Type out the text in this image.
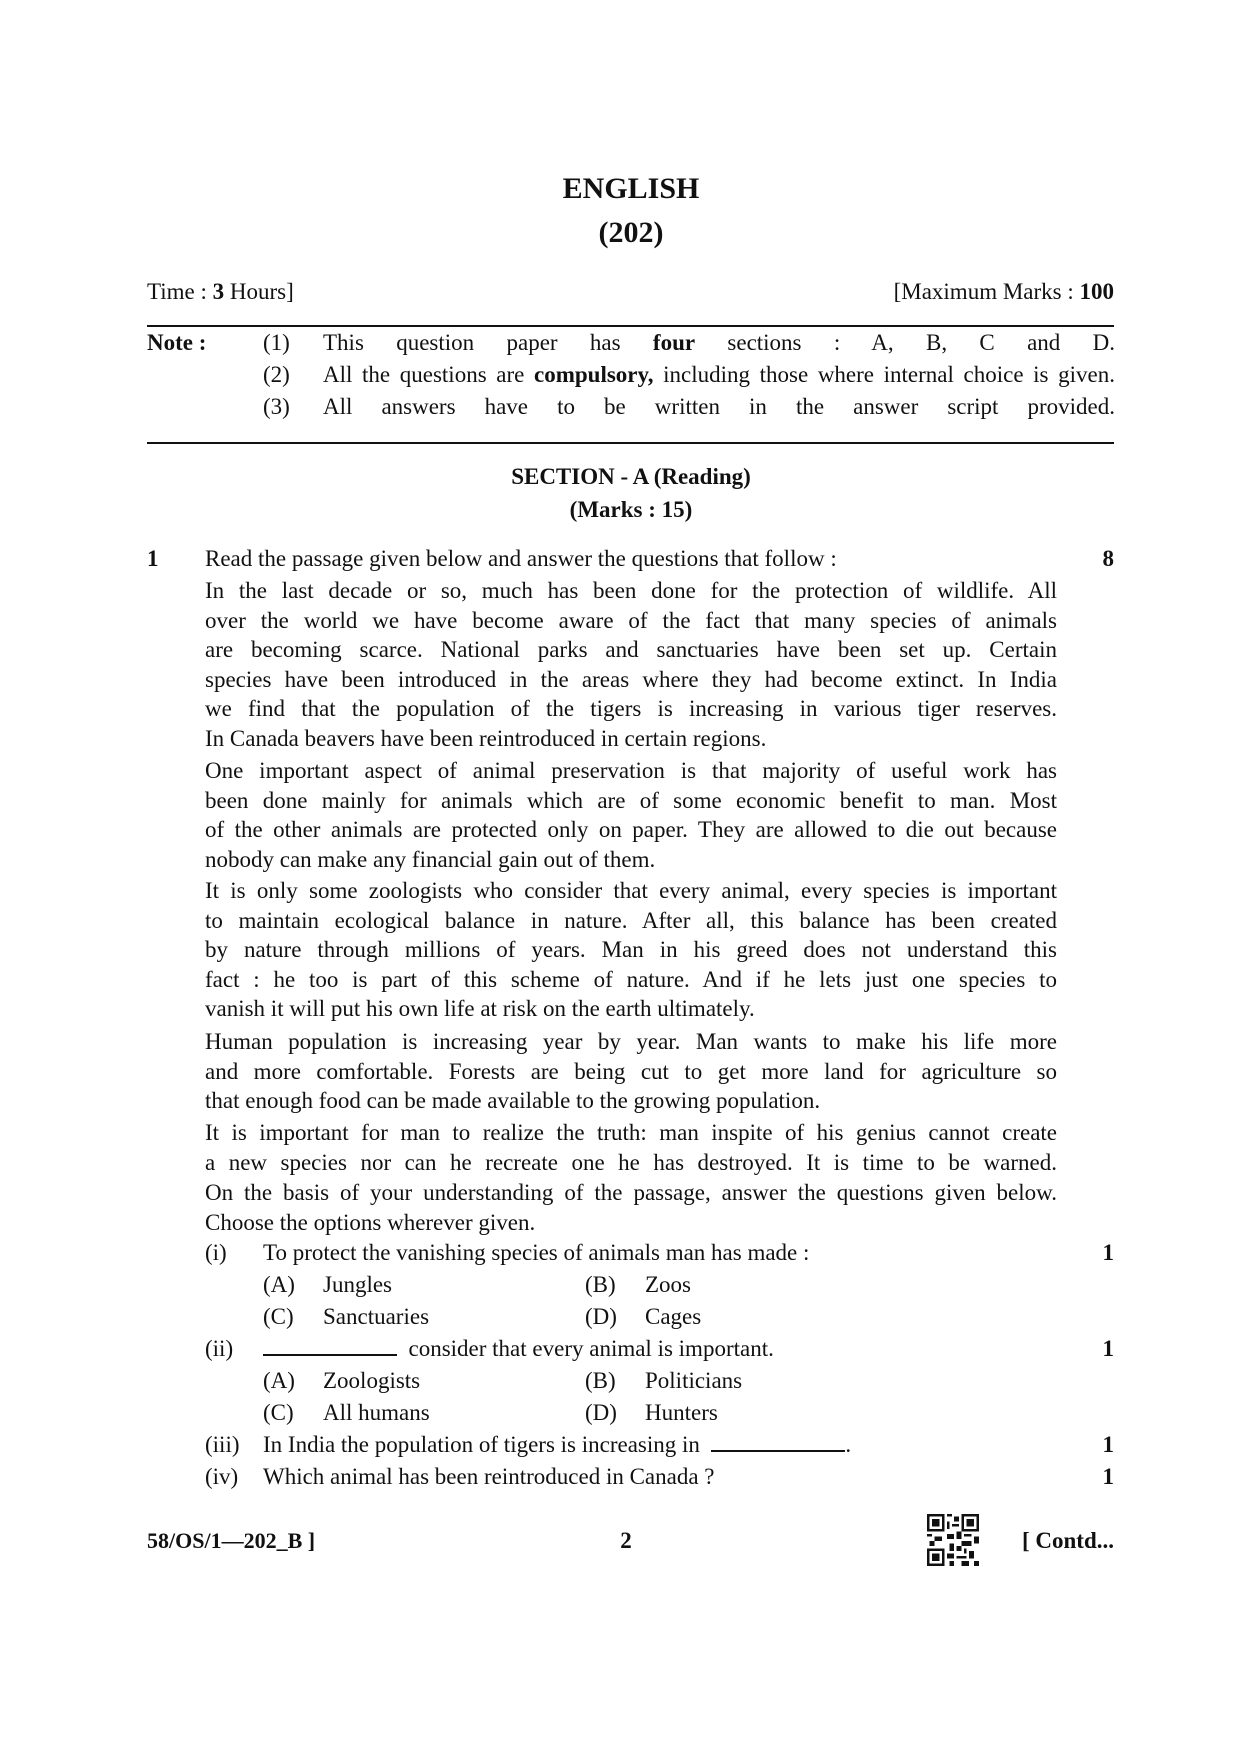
ENGLISH
(202)
Time : 3 Hours]	[Maximum Marks : 100
Note : (1) This question paper has four sections : A, B, C and D.
(2) All the questions are compulsory, including those where internal choice is given.
(3) All answers have to be written in the answer script provided.
SECTION - A (Reading)
(Marks : 15)
1 Read the passage given below and answer the questions that follow :	8
In the last decade or so, much has been done for the protection of wildlife. All
over the world we have become aware of the fact that many species of animals
are becoming scarce. National parks and sanctuaries have been set up. Certain
species have been introduced in the areas where they had become extinct. In India
we find that the population of the tigers is increasing in various tiger reserves.
In Canada beavers have been reintroduced in certain regions.
One important aspect of animal preservation is that majority of useful work has
been done mainly for animals which are of some economic benefit to man. Most
of the other animals are protected only on paper. They are allowed to die out because
nobody can make any financial gain out of them.
It is only some zoologists who consider that every animal, every species is important
to maintain ecological balance in nature. After all, this balance has been created
by nature through millions of years. Man in his greed does not understand this
fact : he too is part of this scheme of nature. And if he lets just one species to
vanish it will put his own life at risk on the earth ultimately.
Human population is increasing year by year. Man wants to make his life more
and more comfortable. Forests are being cut to get more land for agriculture so
that enough food can be made available to the growing population.
It is important for man to realize the truth: man inspite of his genius cannot create
a new species nor can he recreate one he has destroyed. It is time to be warned.
On the basis of your understanding of the passage, answer the questions given below.
Choose the options wherever given.
(i) To protect the vanishing species of animals man has made :	1
(A) Jungles	(B) Zoos
(C) Sanctuaries	(D) Cages
(ii)	consider that every animal is important.	1
(A) Zoologists	(B) Politicians
(C) All humans	(D) Hunters
(iii) In India the population of tigers is increasing in	.	1
(iv) Which animal has been reintroduced in Canada ?	1
58/OS/1—202_B ]	2	[ Contd...
